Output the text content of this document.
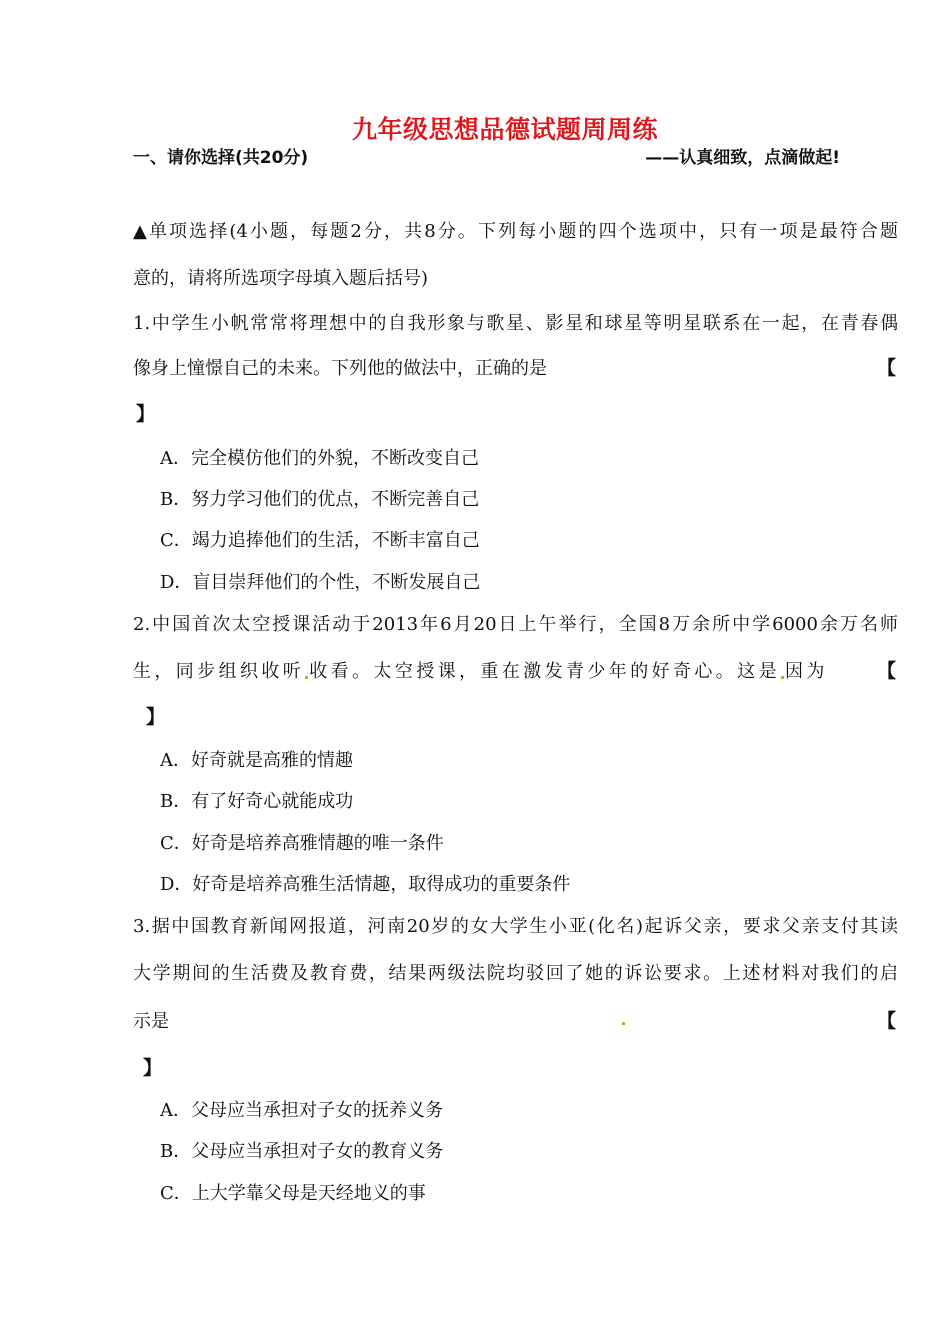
九年级思想品德试题周周练
一、请你选择(共20分)	——认真细致，点滴做起!
▲单项选择(4小题，每题2分，共8分。下列每小题的四个选项中，只有一项是最符合题
意的，请将所选项字母填入题后括号)
1.中学生小帆常常将理想中的自我形象与歌星、影星和球星等明星联系在一起，在青春偶
像身上憧憬自己的未来。下列他的做法中，正确的是	【
】
A．完全模仿他们的外貌，不断改变自己
B．努力学习他们的优点，不断完善自己
C．竭力追捧他们的生活，不断丰富自己
D．盲目崇拜他们的个性，不断发展自己
2.中国首次太空授课活动于2013年6月20日上午举行，全国8万余所中学6000余万名师
生，同步组织收听 收看。太空授课，重在激发青少年的好奇心。这是 因为	【
】
A．好奇就是高雅的情趣
B．有了好奇心就能成功
C．好奇是培养高雅情趣的唯一条件
D．好奇是培养高雅生活情趣，取得成功的重要条件
3.据中国教育新闻网报道，河南20岁的女大学生小亚(化名)起诉父亲，要求父亲支付其读
大学期间的生活费及教育费，结果两级法院均驳回了她的诉讼要求。上述材料对我们的启
示是	【
】
A．父母应当承担对子女的抚养义务
B．父母应当承担对子女的教育义务
C．上大学靠父母是天经地义的事
